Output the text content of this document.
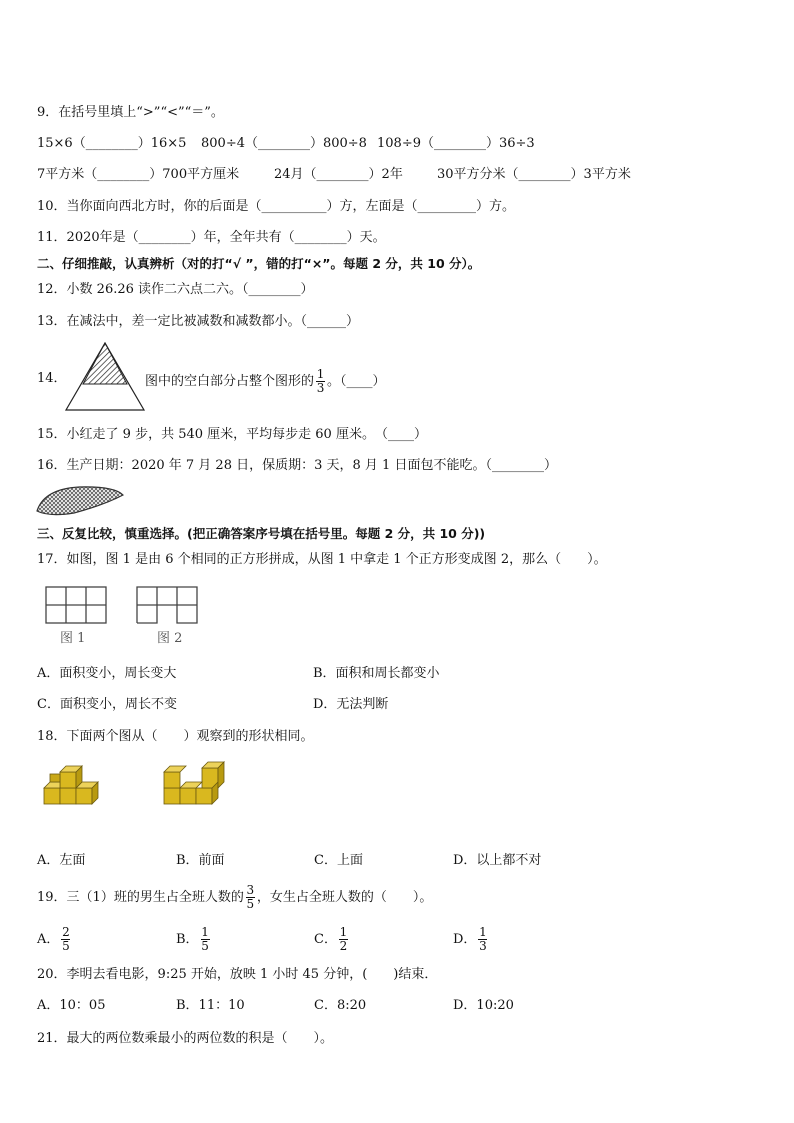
9．在括号里填上“>”“<”“＝”。
15×6（________）16×5 800÷4（________）800÷8 108÷9（________）36÷3
7平方米（________）700平方厘米	24月（________）2年	30平方分米（________）3平方米
10．当你面向西北方时，你的后面是（__________）方，左面是（_________）方。
11．2020年是（________）年，全年共有（________）天。
二、仔细推敲，认真辨析（对的打“√ ”，错的打“×”。每题 2 分，共 10 分）。
12．小数 26.26 读作二六点二六。（________）
13．在减法中，差一定比被减数和减数都小。（______）
14．	图中的空白部分占整个图形的 $\frac{1}{3}$ 。（____）
15．小红走了 9 步，共 540 厘米，平均每步走 60 厘米。　（____）
16．生产日期：2020 年 7 月 28 日，保质期：3 天，8 月 1 日面包不能吃。（________）
三、反复比较，慎重选择。(把正确答案序号填在括号里。每题 2 分，共 10 分))
17．如图，图 1 是由 6 个相同的正方形拼成，从图 1 中拿走 1 个正方形变成图 2，那么（　　）。
图 1	图 2
A．面积变小，周长变大	B．面积和周长都变小
C．面积变小，周长不变	D．无法判断
18．下面两个图从（　　）观察到的形状相同。
A．左面	B．前面	C．上面	D．以上都不对
19．三（1）班的男生占全班人数的 $\frac{3}{5}$ ，女生占全班人数的（　　）。
A． $\frac{2}{5}$	B． $\frac{1}{5}$	C． $\frac{1}{2}$	D． $\frac{1}{3}$
20．李明去看电影，9:25 开始，放映 1 小时 45 分钟，(　　)结束．
A．10：05	B．11：10	C．8:20	D．10:20
21．最大的两位数乘最小的两位数的积是（　　）。
